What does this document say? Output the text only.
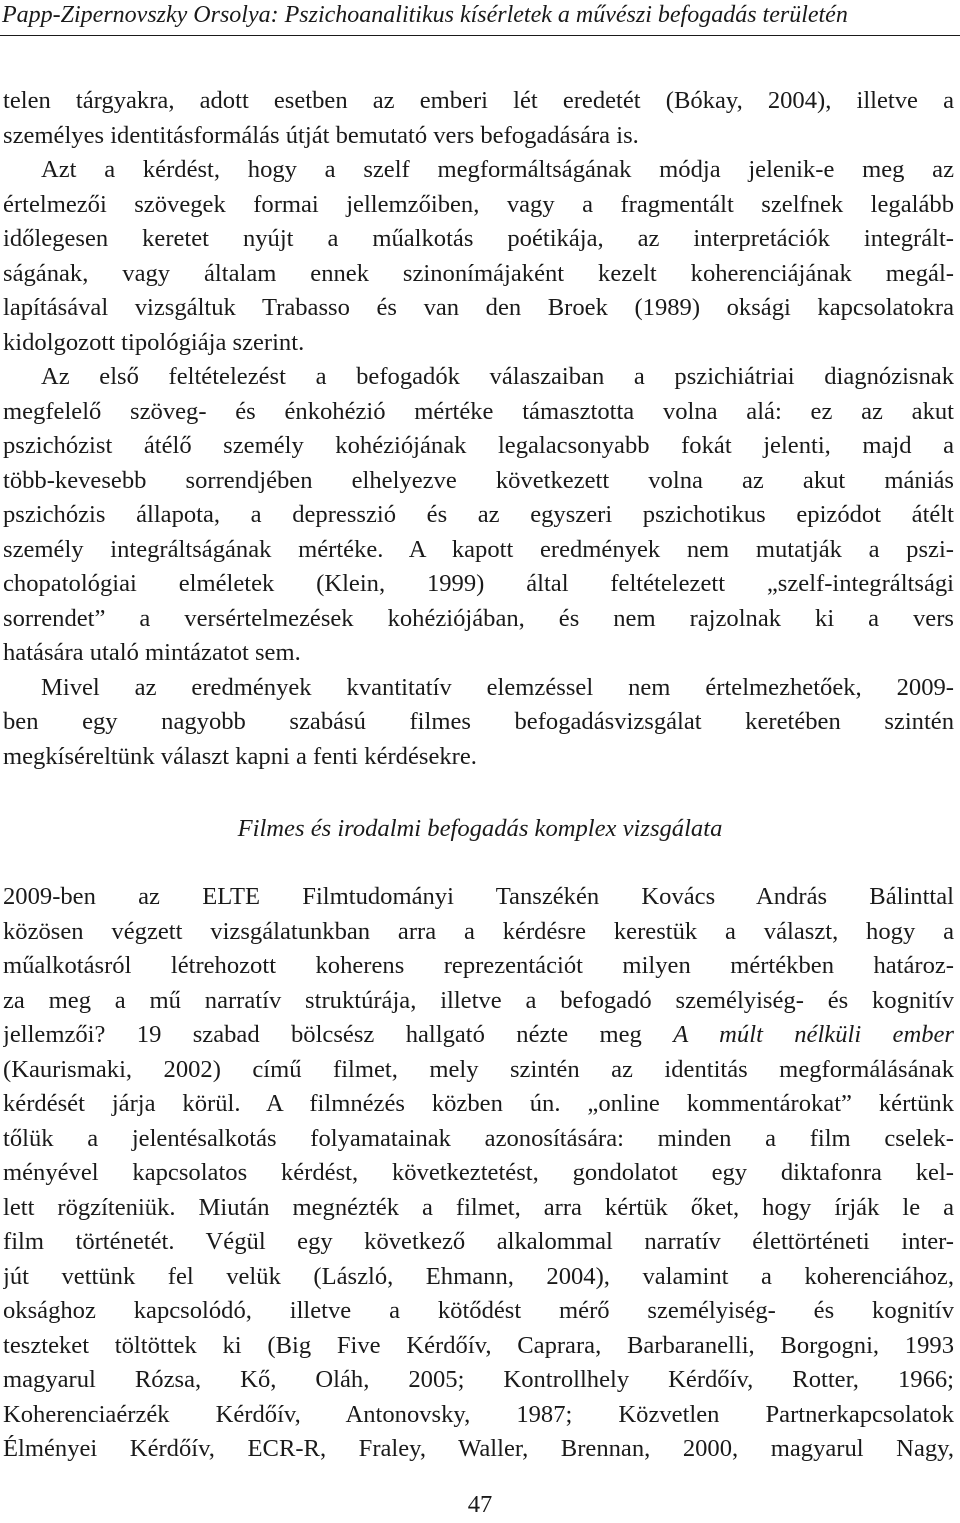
Papp-Zipernovszky Orsolya: Pszichoanalitikus kísérletek a művészi befogadás területén
telen tárgyakra, adott esetben az emberi lét eredetét (Bókay, 2004), illetve a
személyes identitásformálás útját bemutató vers befogadására is.
Azt a kérdést, hogy a szelf megformáltságának módja jelenik-e meg az
értelmezői szövegek formai jellemzőiben, vagy a fragmentált szelfnek legalább
időlegesen keretet nyújt a műalkotás poétikája, az interpretációk integrált-
ságának, vagy általam ennek szinonímájaként kezelt koherenciájának megál-
lapításával vizsgáltuk Trabasso és van den Broek (1989) oksági kapcsolatokra
kidolgozott tipológiája szerint.
Az első feltételezést a befogadók válaszaiban a pszichiátriai diagnózisnak
megfelelő szöveg- és énkohézió mértéke támasztotta volna alá: ez az akut
pszichózist átélő személy kohéziójának legalacsonyabb fokát jelenti, majd a
több-kevesebb sorrendjében elhelyezve következett volna az akut mániás
pszichózis állapota, a depresszió és az egyszeri pszichotikus epizódot átélt
személy integráltságának mértéke. A kapott eredmények nem mutatják a pszi-
chopatológiai elméletek (Klein, 1999) által feltételezett „szelf-integráltsági
sorrendet” a versértelmezések kohéziójában, és nem rajzolnak ki a vers
hatására utaló mintázatot sem.
Mivel az eredmények kvantitatív elemzéssel nem értelmezhetőek, 2009-
ben egy nagyobb szabású filmes befogadásvizsgálat keretében szintén
megkíséreltünk választ kapni a fenti kérdésekre.
Filmes és irodalmi befogadás komplex vizsgálata
2009-ben az ELTE Filmtudományi Tanszékén Kovács András Bálinttal
közösen végzett vizsgálatunkban arra a kérdésre kerestük a választ, hogy a
műalkotásról létrehozott koherens reprezentációt milyen mértékben határoz-
za meg a mű narratív struktúrája, illetve a befogadó személyiség- és kognitív
jellemzői? 19 szabad bölcsész hallgató nézte meg A múlt nélküli ember
(Kaurismaki, 2002) című filmet, mely szintén az identitás megformálásának
kérdését járja körül. A filmnézés közben ún. „online kommentárokat” kértünk
tőlük a jelentésalkotás folyamatainak azonosítására: minden a film cselek-
ményével kapcsolatos kérdést, következtetést, gondolatot egy diktafonra kel-
lett rögzíteniük. Miután megnézték a filmet, arra kértük őket, hogy írják le a
film történetét. Végül egy következő alkalommal narratív élettörténeti inter-
jút vettünk fel velük (László, Ehmann, 2004), valamint a koherenciához,
oksághoz kapcsolódó, illetve a kötődést mérő személyiség- és kognitív
teszteket töltöttek ki (Big Five Kérdőív, Caprara, Barbaranelli, Borgogni, 1993
magyarul Rózsa, Kő, Oláh, 2005; Kontrollhely Kérdőív, Rotter, 1966;
Koherenciaérzék Kérdőív, Antonovsky, 1987; Közvetlen Partnerkapcsolatok
Élményei Kérdőív, ECR-R, Fraley, Waller, Brennan, 2000, magyarul Nagy,
47
